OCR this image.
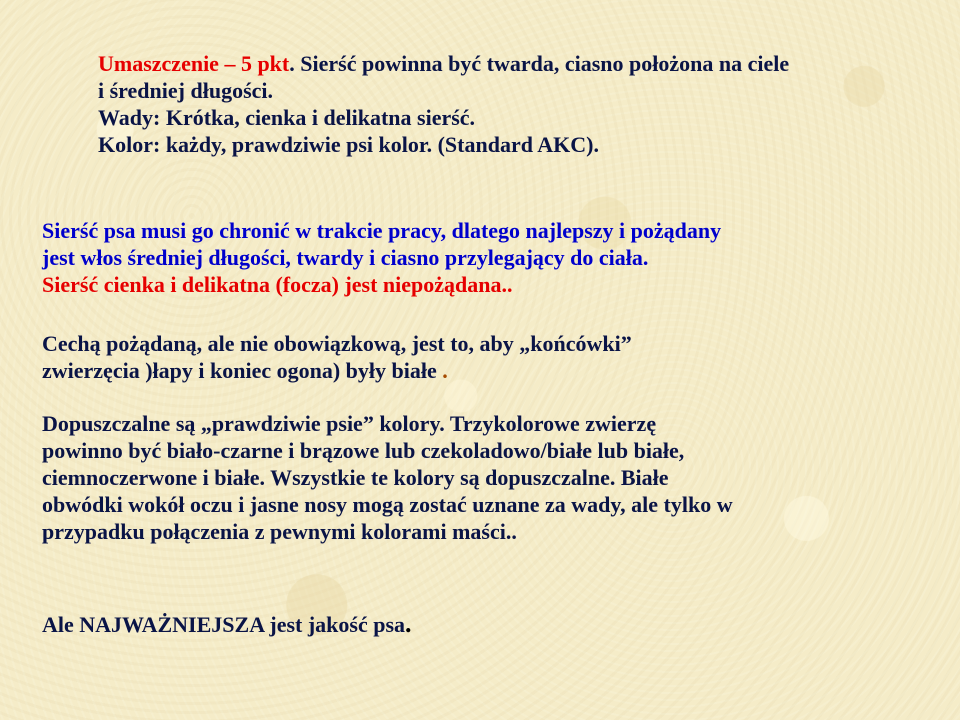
Umaszczenie – 5 pkt. Sierść powinna być twarda, ciasno położona na ciele
i średniej długości.
Wady: Krótka, cienka i delikatna sierść.
Kolor: każdy, prawdziwie psi kolor. (Standard AKC).
Sierść psa musi go chronić w trakcie pracy, dlatego najlepszy i pożądany
jest włos średniej długości, twardy i ciasno przylegający do ciała.
Sierść cienka i delikatna (focza) jest niepożądana..
Cechą pożądaną, ale nie obowiązkową, jest to, aby „końcówki”
zwierzęcia )łapy i koniec ogona) były białe .
Dopuszczalne są „prawdziwie psie” kolory. Trzykolorowe zwierzę
powinno być biało-czarne i brązowe lub czekoladowo/białe lub białe,
ciemnoczerwone i białe. Wszystkie te kolory są dopuszczalne. Białe
obwódki wokół oczu i jasne nosy mogą zostać uznane za wady, ale tylko w
przypadku połączenia z pewnymi kolorami maści..
Ale NAJWAŻNIEJSZA jest jakość psa.
